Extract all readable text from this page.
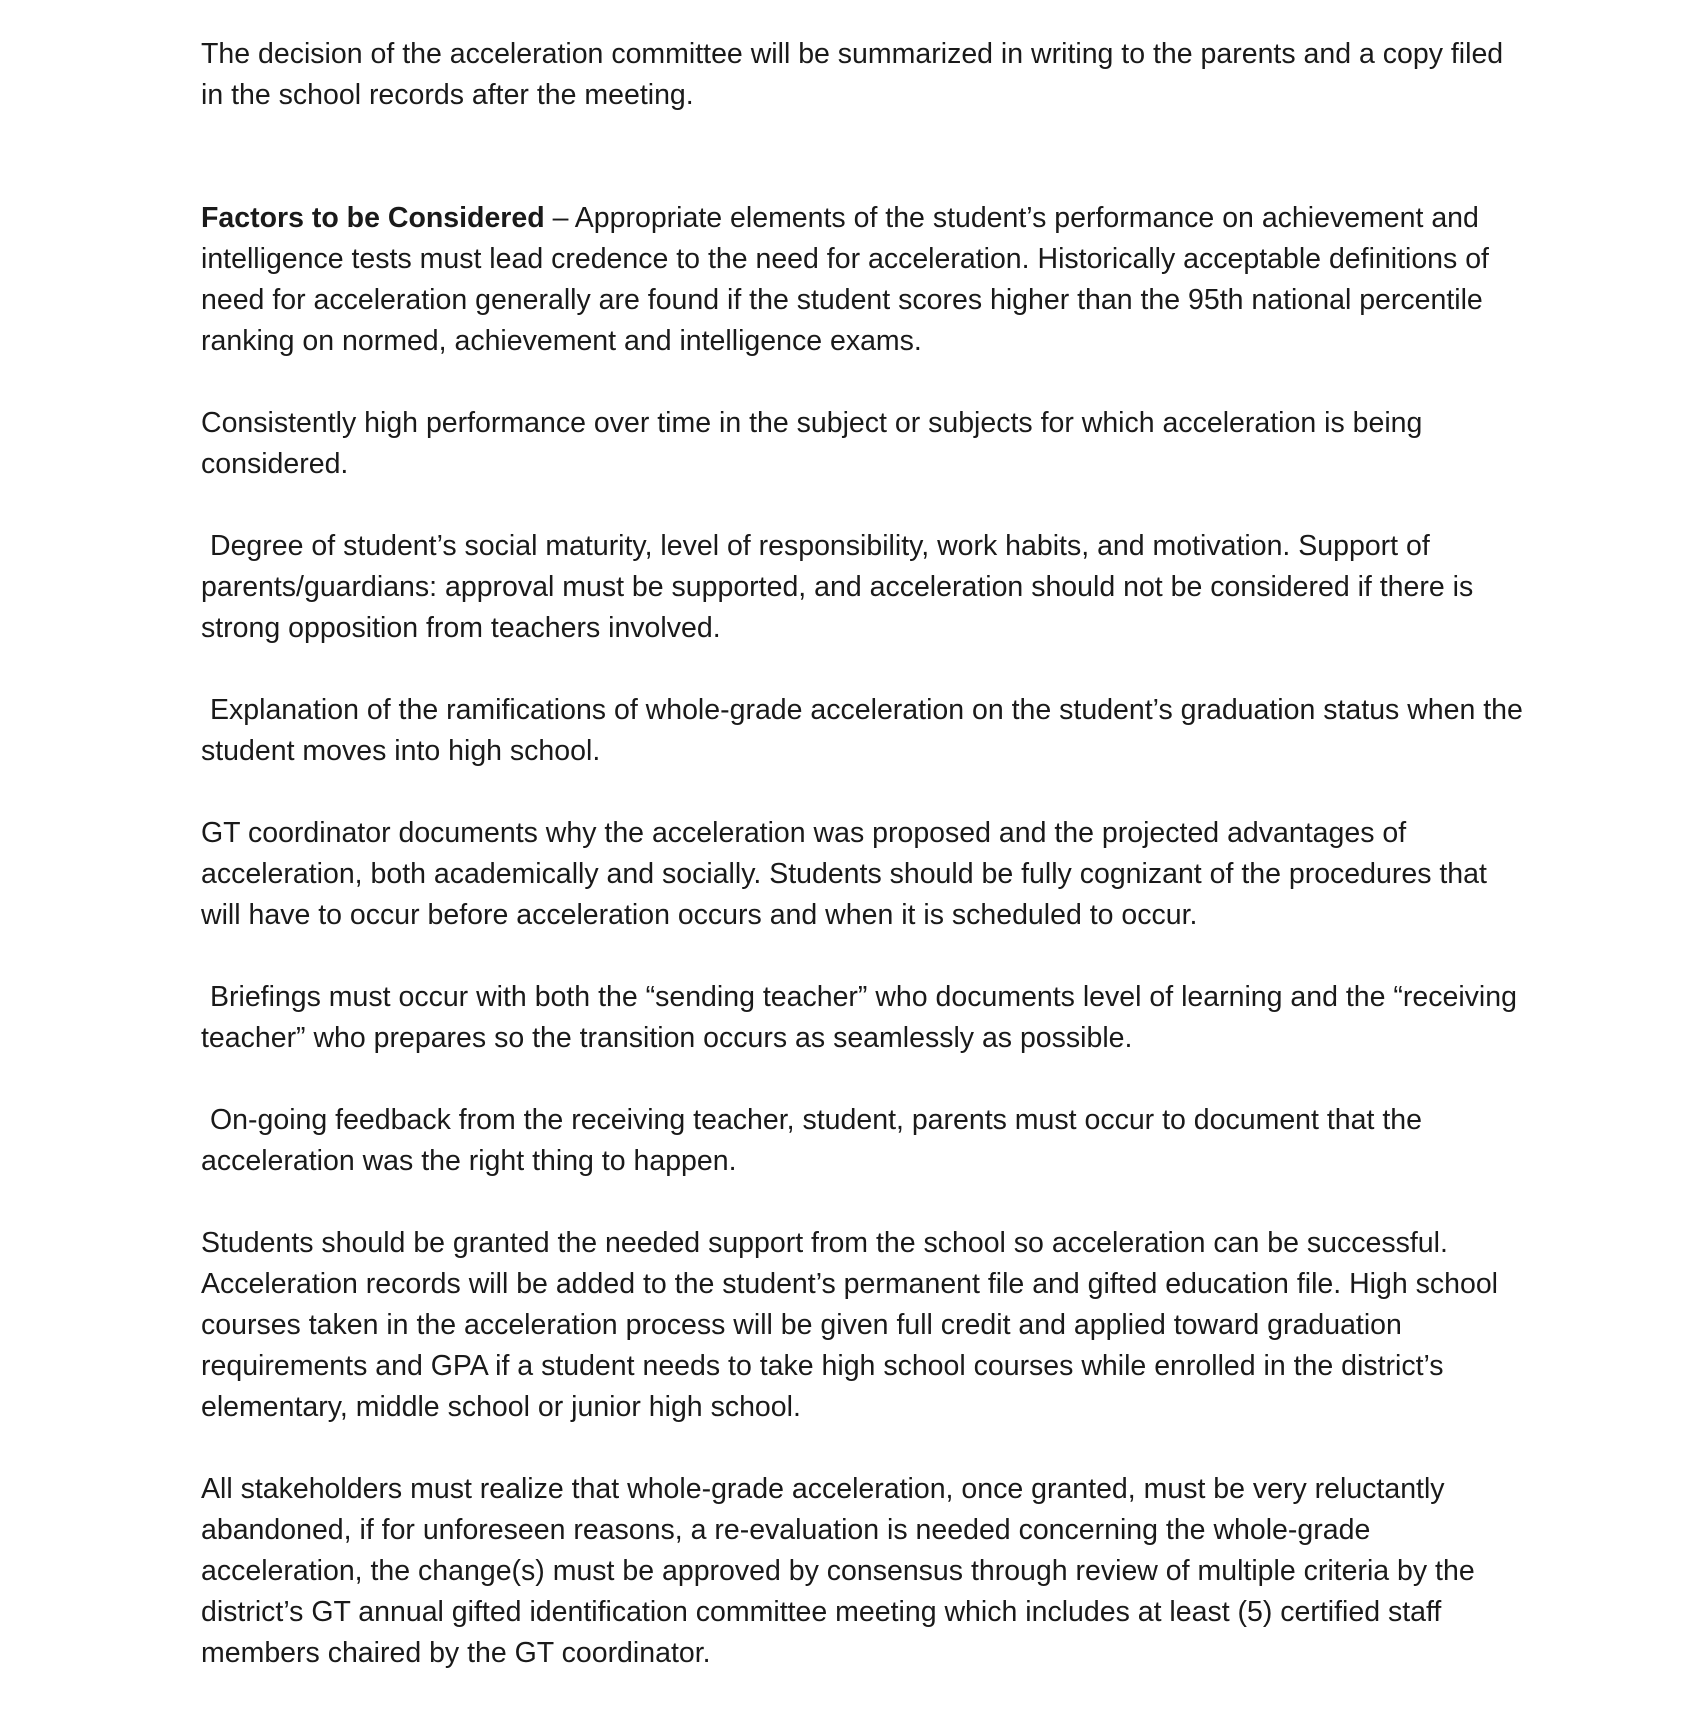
The decision of the acceleration committee will be summarized in writing to the parents and a copy filed in the school records after the meeting.

Factors to be Considered – Appropriate elements of the student’s performance on achievement and intelligence tests must lead credence to the need for acceleration. Historically acceptable definitions of need for acceleration generally are found if the student scores higher than the 95th national percentile ranking on normed, achievement and intelligence exams.

Consistently high performance over time in the subject or subjects for which acceleration is being considered.

Degree of student’s social maturity, level of responsibility, work habits, and motivation. Support of parents/guardians: approval must be supported, and acceleration should not be considered if there is strong opposition from teachers involved.

Explanation of the ramifications of whole-grade acceleration on the student’s graduation status when the student moves into high school.

GT coordinator documents why the acceleration was proposed and the projected advantages of acceleration, both academically and socially. Students should be fully cognizant of the procedures that will have to occur before acceleration occurs and when it is scheduled to occur.

Briefings must occur with both the “sending teacher” who documents level of learning and the “receiving teacher” who prepares so the transition occurs as seamlessly as possible.

On-going feedback from the receiving teacher, student, parents must occur to document that the acceleration was the right thing to happen.

Students should be granted the needed support from the school so acceleration can be successful. Acceleration records will be added to the student’s permanent file and gifted education file. High school courses taken in the acceleration process will be given full credit and applied toward graduation requirements and GPA if a student needs to take high school courses while enrolled in the district’s elementary, middle school or junior high school.

All stakeholders must realize that whole-grade acceleration, once granted, must be very reluctantly abandoned, if for unforeseen reasons, a re-evaluation is needed concerning the whole-grade acceleration, the change(s) must be approved by consensus through review of multiple criteria by the district’s GT annual gifted identification committee meeting which includes at least (5) certified staff members chaired by the GT coordinator.
